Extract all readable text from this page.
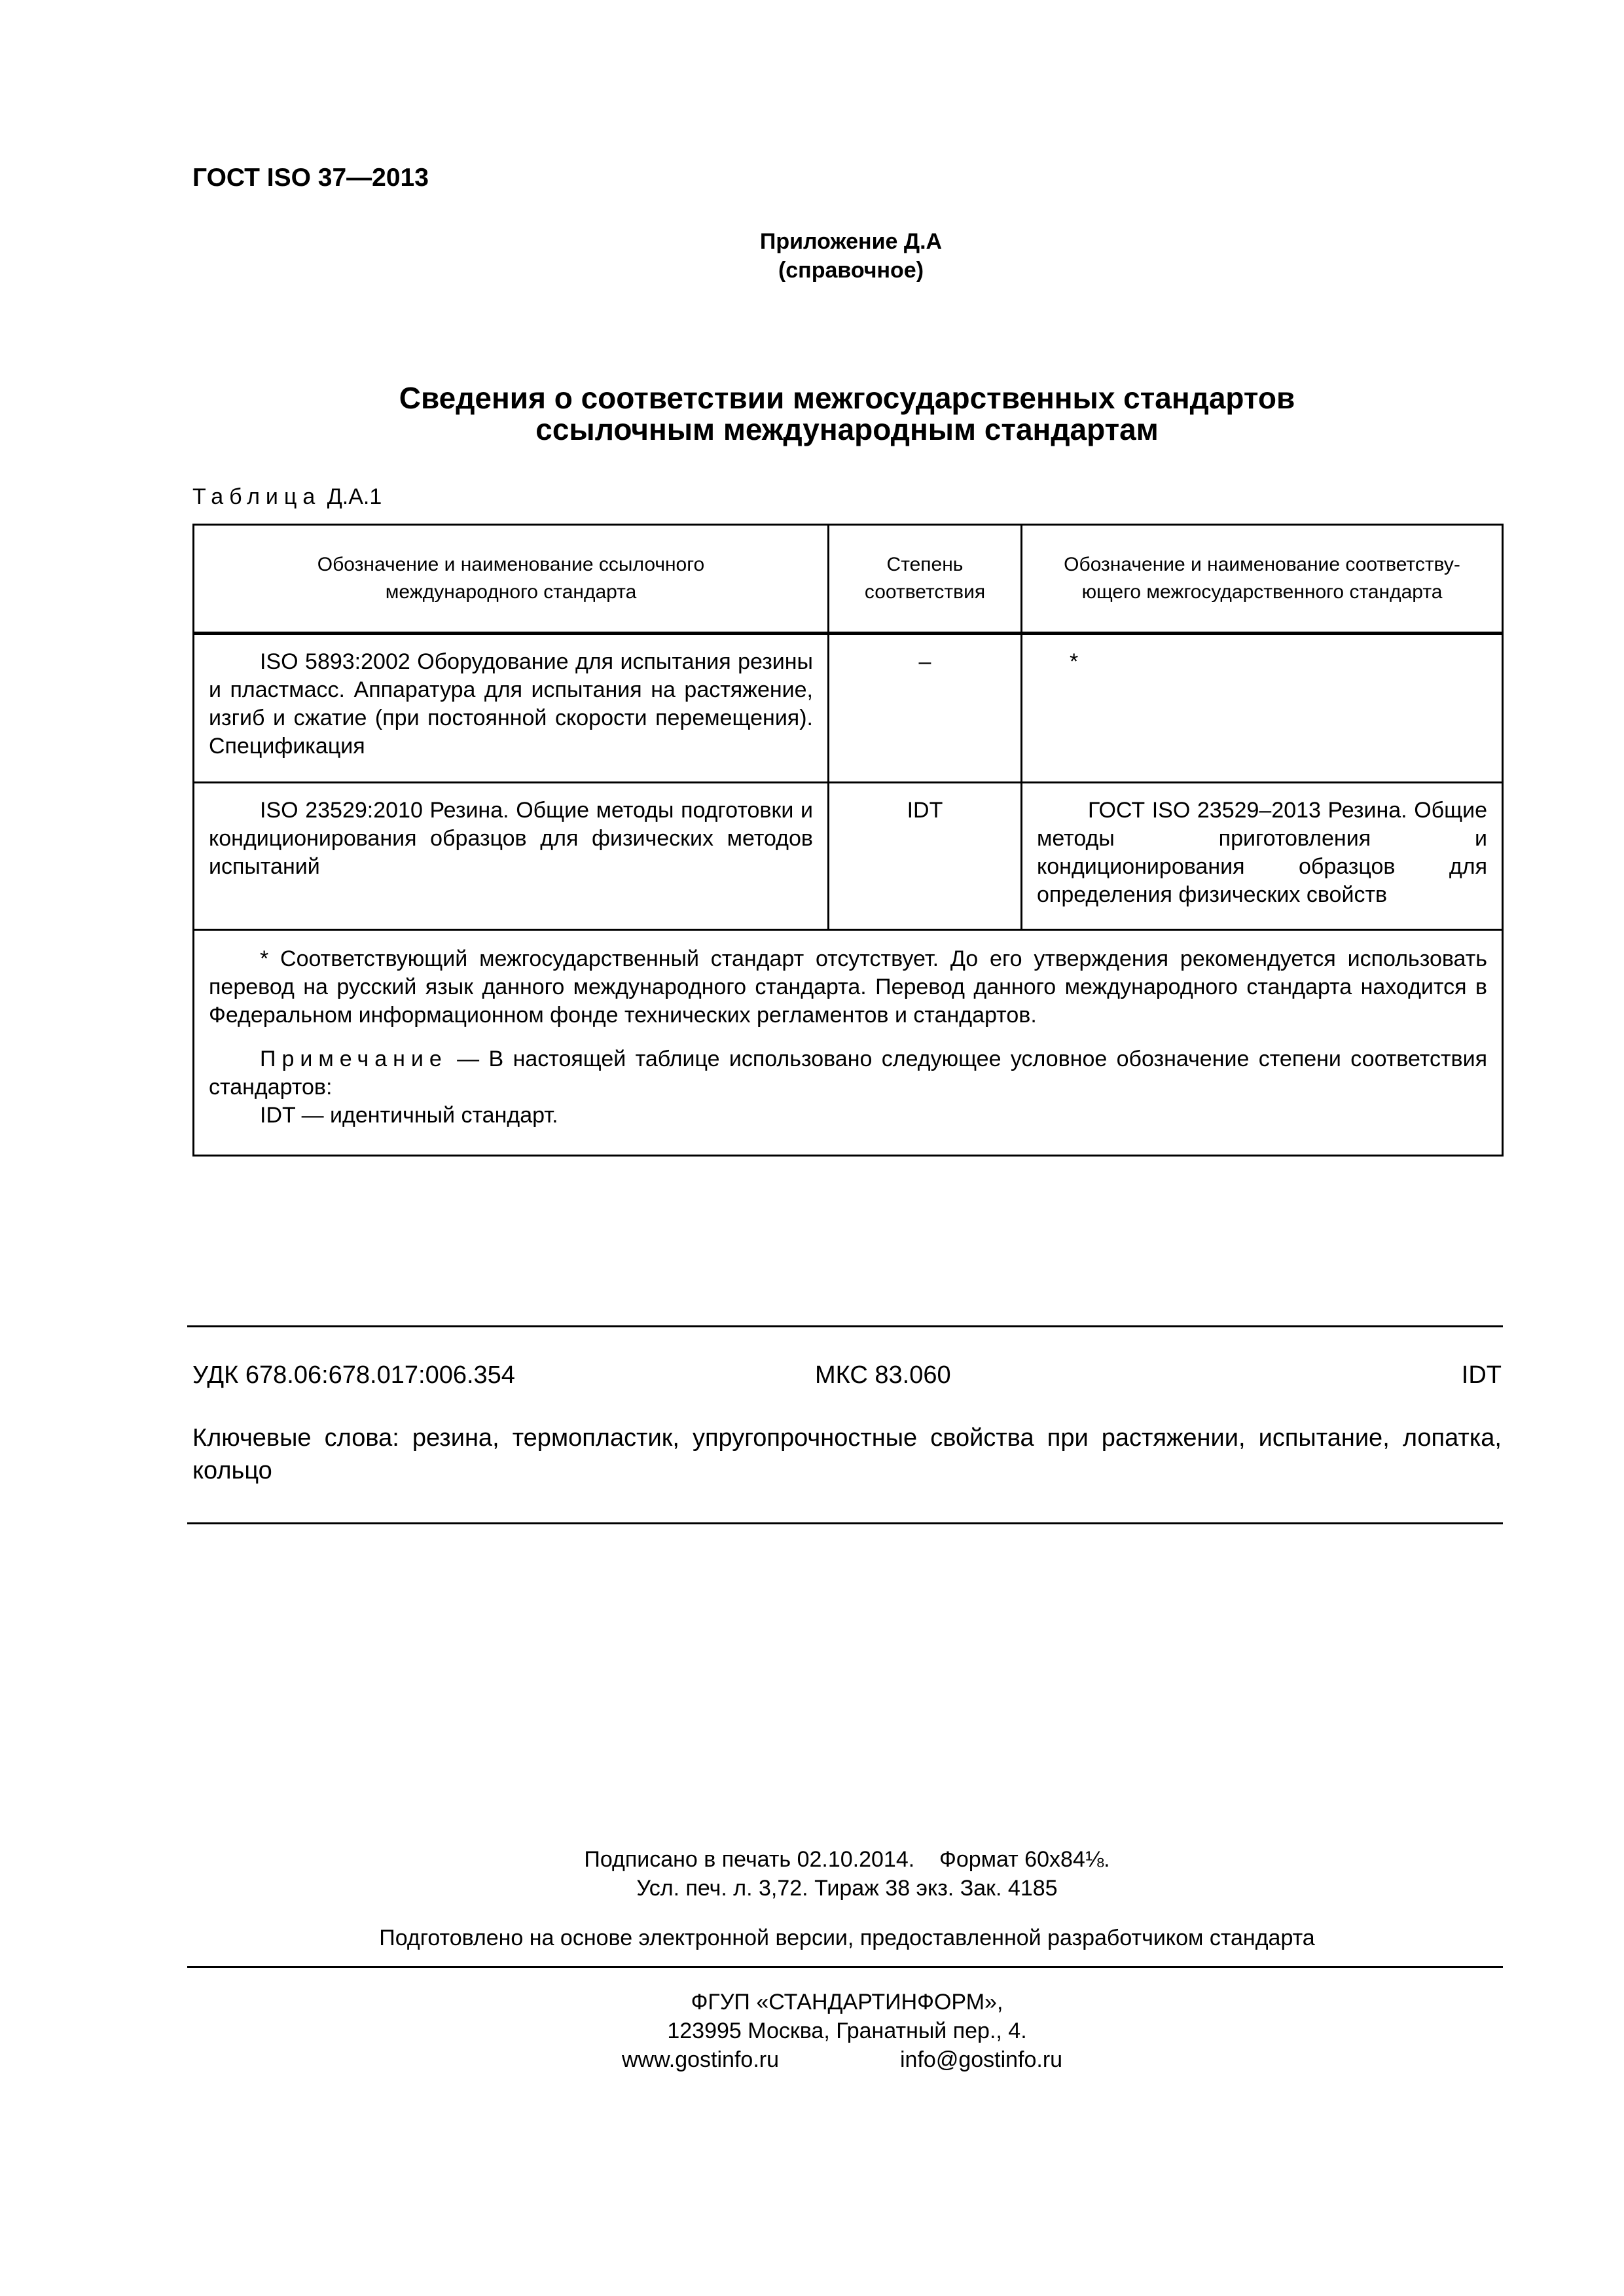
ГОСТ ISO 37—2013
Приложение Д.А
(справочное)
Сведения о соответствии межгосударственных стандартов
ссылочным международным стандартам
Таблица Д.А.1
Обозначение и наименование ссылочного международного стандарта	Степень соответствия	Обозначение и наименование соответству-ющего межгосударственного стандарта
ISO 5893:2002 Оборудование для испытания резины и пластмасс. Аппаратура для испытания на растяжение, изгиб и сжатие (при постоянной скорости перемещения). Спецификация	–	*
ISO 23529:2010 Резина. Общие методы подготовки и кондиционирования образцов для физических методов испытаний	IDT	ГОСТ ISO 23529–2013 Резина. Общие методы приготовления и кондиционирования образцов для определения физических свойств

* Соответствующий межгосударственный стандарт отсутствует. До его утверждения рекомендуется использовать перевод на русский язык данного международного стандарта. Перевод данного международного стандарта находится в Федеральном информационном фонде технических регламентов и стандартов.

Примечание — В настоящей таблице использовано следующее условное обозначение степени соответствия стандартов:

IDT — идентичный стандарт.		

УДК 678.06:678.017:006.354	МКС 83.060	IDT
Ключевые слова: резина, термопластик, упругопрочностные свойства при растяжении, испытание, лопатка, кольцо
Подписано в печать 02.10.2014.    Формат 60x84⅛.
Усл. печ. л. 3,72. Тираж 38 экз. Зак. 4185
Подготовлено на основе электронной версии, предоставленной разработчиком стандарта
ФГУП «СТАНДАРТИНФОРМ»,
123995 Москва, Гранатный пер., 4.
www.gostinfo.ru	info@gostinfo.ru
